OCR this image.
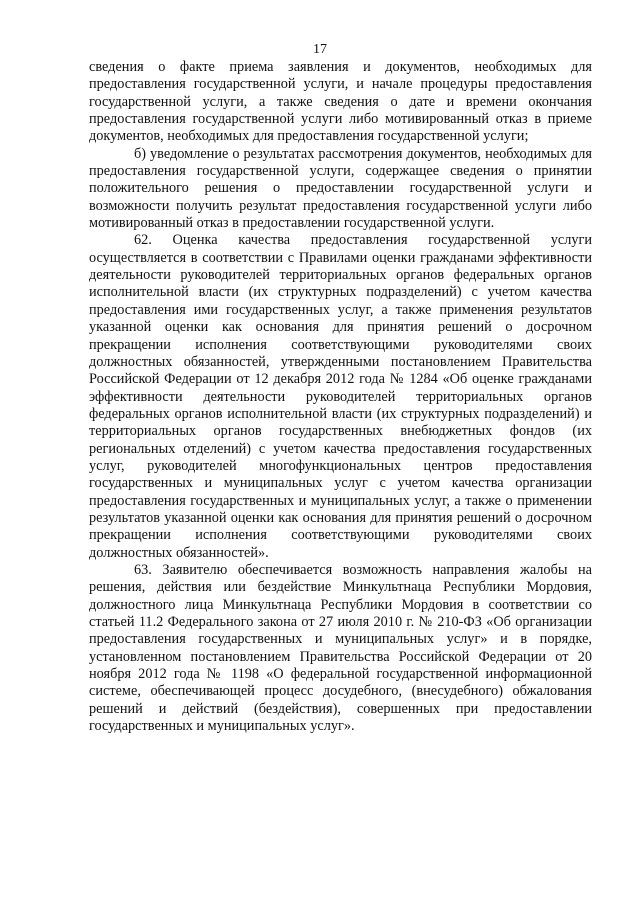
17

сведения о факте приема заявления и документов, необходимых для предоставления государственной услуги, и начале процедуры предоставления государственной услуги, а также сведения о дате и времени окончания предоставления государственной услуги либо мотивированный отказ в приеме документов, необходимых для предоставления государственной услуги;

б) уведомление о результатах рассмотрения документов, необходимых для предоставления государственной услуги, содержащее сведения о принятии положительного решения о предоставлении государственной услуги и возможности получить результат предоставления государственной услуги либо мотивированный отказ в предоставлении государственной услуги.

62. Оценка качества предоставления государственной услуги осуществляется в соответствии с Правилами оценки гражданами эффективности деятельности руководителей территориальных органов федеральных органов исполнительной власти (их структурных подразделений) с учетом качества предоставления ими государственных услуг, а также применения результатов указанной оценки как основания для принятия решений о досрочном прекращении исполнения соответствующими руководителями своих должностных обязанностей, утвержденными постановлением Правительства Российской Федерации от 12 декабря 2012 года № 1284 «Об оценке гражданами эффективности деятельности руководителей территориальных органов федеральных органов исполнительной власти (их структурных подразделений) и территориальных органов государственных внебюджетных фондов (их региональных отделений) с учетом качества предоставления государственных услуг, руководителей многофункциональных центров предоставления государственных и муниципальных услуг с учетом качества организации предоставления государственных и муниципальных услуг, а также о применении результатов указанной оценки как основания для принятия решений о досрочном прекращении исполнения соответствующими руководителями своих должностных обязанностей».

63. Заявителю обеспечивается возможность направления жалобы на решения, действия или бездействие Минкультнаца Республики Мордовия, должностного лица Минкультнаца Республики Мордовия в соответствии со статьей 11.2 Федерального закона от 27 июля 2010 г. № 210-ФЗ «Об организации предоставления государственных и муниципальных услуг» и в порядке, установленном постановлением Правительства Российской Федерации от 20 ноября 2012 года № 1198 «О федеральной государственной информационной системе, обеспечивающей процесс досудебного, (внесудебного) обжалования решений и действий (бездействия), совершенных при предоставлении государственных и муниципальных услуг».
